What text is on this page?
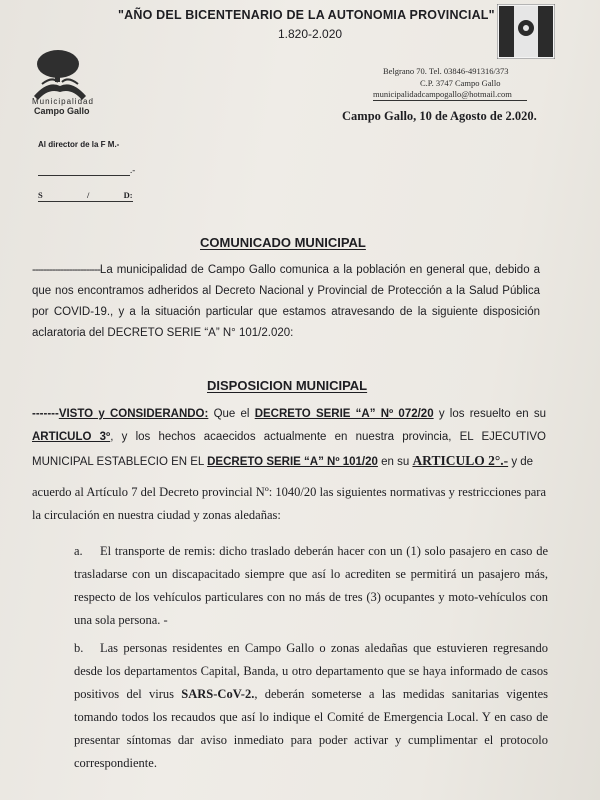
"AÑO DEL BICENTENARIO DE LA AUTONOMIA PROVINCIAL"
1.820-2.020
Municipalidad
Campo Gallo
Belgrano 70. Tel. 03846-491316/373
C.P. 3747 Campo Gallo
municipalidadcampogallo@hotmail.com
Campo Gallo, 10 de Agosto de 2.020.
Al director de la F M.-
.-
S	/	D:
COMUNICADO MUNICIPAL
------------------------La municipalidad de Campo Gallo comunica a la población en general que, debido a que nos encontramos adheridos al Decreto Nacional y Provincial de Protección a la Salud Pública por COVID-19., y a la situación particular que estamos atravesando de la siguiente disposición aclaratoria del DECRETO SERIE “A” N° 101/2.020:
DISPOSICION MUNICIPAL
-------VISTO y CONSIDERANDO: Que el DECRETO SERIE “A” Nº 072/20 y los resuelto en su ARTICULO 3º, y los hechos acaecidos actualmente en nuestra provincia, EL EJECUTIVO MUNICIPAL ESTABLECIO EN EL DECRETO SERIE “A” Nº 101/20 en su ARTICULO 2°.- y de
acuerdo al Artículo 7 del Decreto provincial Nº: 1040/20 las siguientes normativas y restricciones para la circulación en nuestra ciudad y zonas aledañas:
a. El transporte de remis: dicho traslado deberán hacer con un (1) solo pasajero en caso de trasladarse con un discapacitado siempre que así lo acrediten se permitirá un pasajero más, respecto de los vehículos particulares con no más de tres (3) ocupantes y moto-vehículos con una sola persona. -
b. Las personas residentes en Campo Gallo o zonas aledañas que estuvieren regresando desde los departamentos Capital, Banda, u otro departamento que se haya informado de casos positivos del virus SARS-CoV-2., deberán someterse a las medidas sanitarias vigentes tomando todos los recaudos que así lo indique el Comité de Emergencia Local. Y en caso de presentar síntomas dar aviso inmediato para poder activar y cumplimentar el protocolo correspondiente.
